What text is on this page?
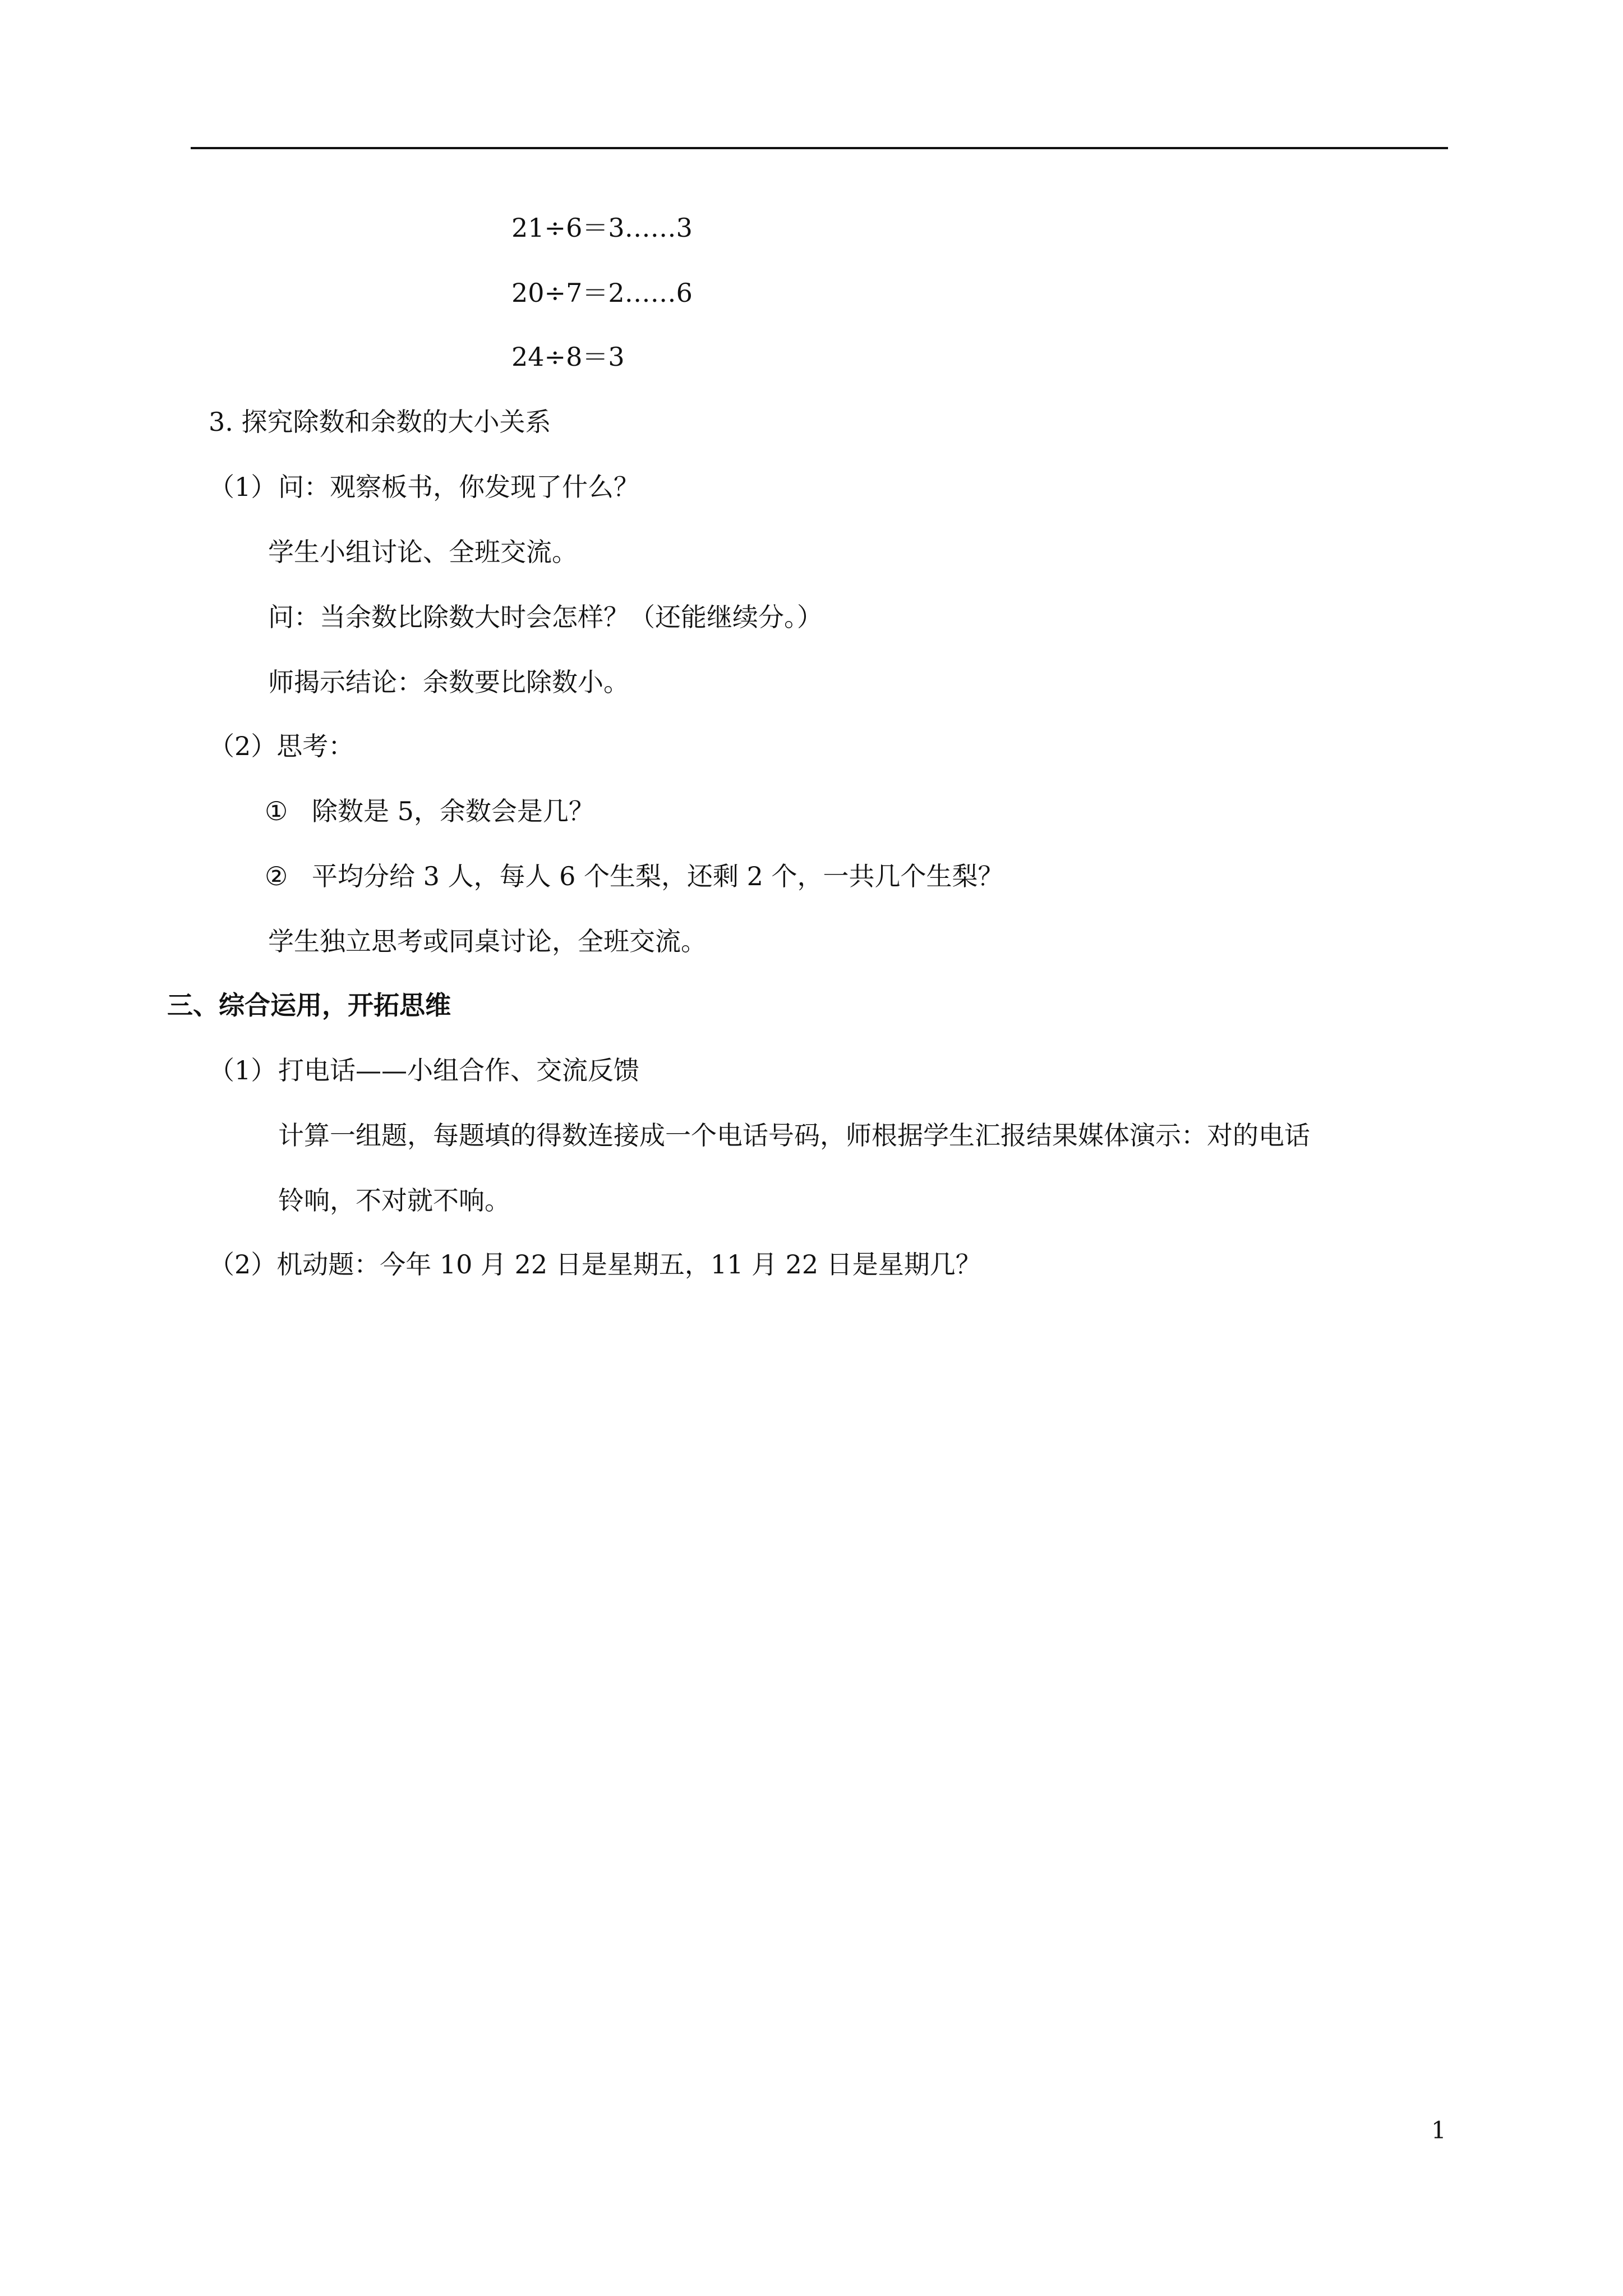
21÷6＝3……3
20÷7＝2……6
24÷8＝3
3. 探究除数和余数的大小关系
（1） 问：观察板书，你发现了什么？
学生小组讨论、全班交流。
问：当余数比除数大时会怎样？（还能继续分。）
师揭示结论：余数要比除数小。
（2）思考：
① 除数是 5，余数会是几？
② 平均分给 3 人，每人 6 个生梨，还剩 2 个，一共几个生梨？
学生独立思考或同桌讨论，全班交流。
三、综合运用，开拓思维
（1） 打电话——小组合作、交流反馈
计算一组题，每题填的得数连接成一个电话号码，师根据学生汇报结果媒体演示：对的电话
铃响，不对就不响。
（2）机动题：今年 10 月 22 日是星期五，11 月 22 日是星期几？
1
